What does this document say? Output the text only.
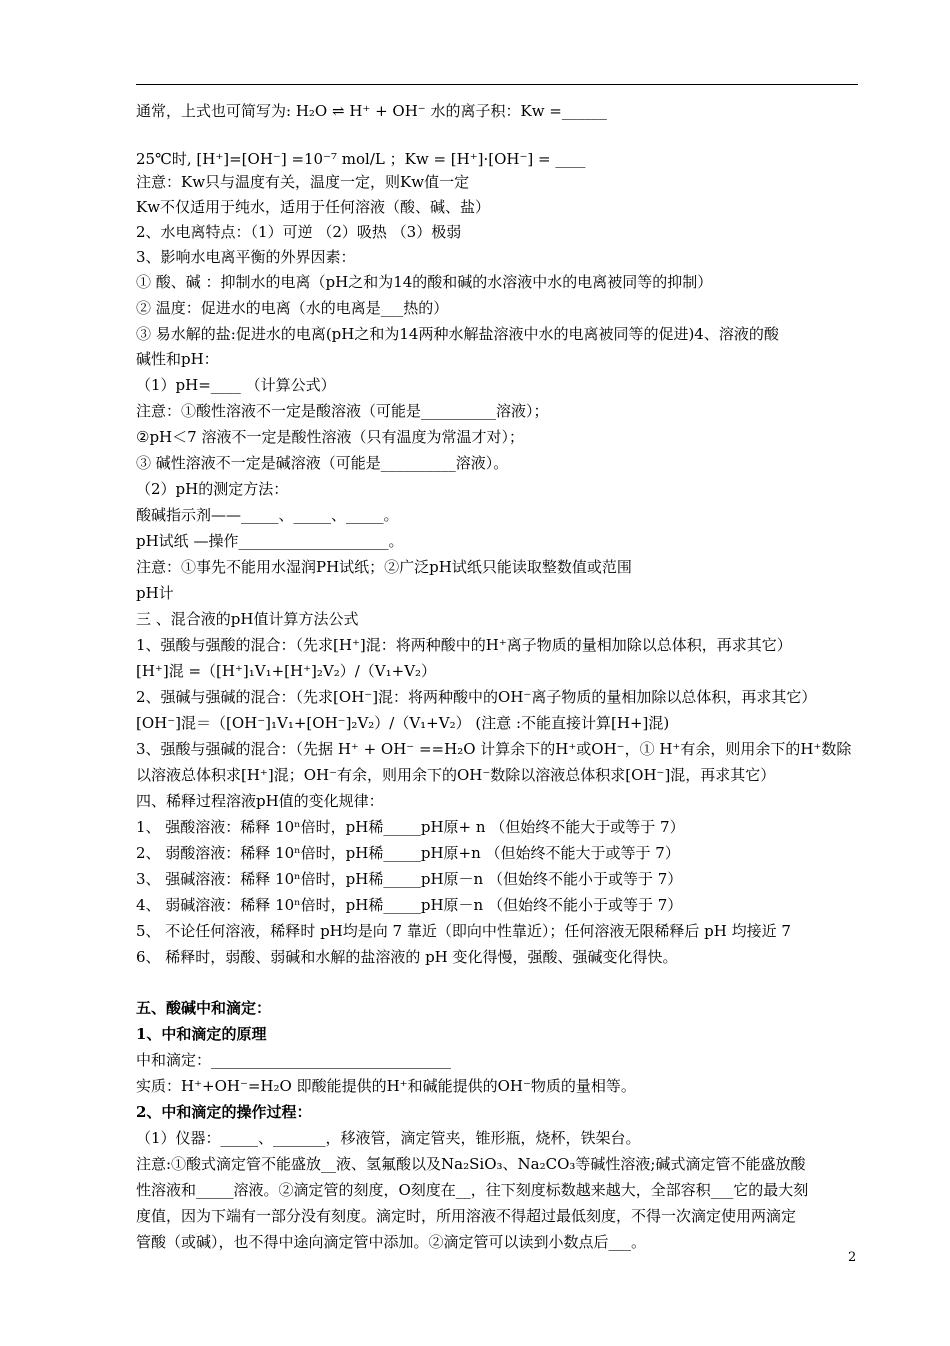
通常，上式也可简写为: H₂O ⇌ H⁺ + OH⁻ 水的离子积：Kw =______
25℃时, [H⁺]=[OH⁻] =10⁻⁷ mol/L ；Kw = [H⁺]·[OH⁻] = ____
注意：Kw只与温度有关，温度一定，则Kw值一定
Kw不仅适用于纯水，适用于任何溶液（酸、碱、盐）
2、水电离特点：（1）可逆 （2）吸热 （3）极弱
3、影响水电离平衡的外界因素：
① 酸、碱 ：抑制水的电离（pH之和为14的酸和碱的水溶液中水的电离被同等的抑制）
② 温度：促进水的电离（水的电离是___热的）
③ 易水解的盐:促进水的电离(pH之和为14两种水解盐溶液中水的电离被同等的促进)4、溶液的酸
碱性和pH：
（1）pH=____ （计算公式）
注意：①酸性溶液不一定是酸溶液（可能是__________溶液）；
②pH＜7 溶液不一定是酸性溶液（只有温度为常温才对）；
③ 碱性溶液不一定是碱溶液（可能是__________溶液）。
（2）pH的测定方法：
酸碱指示剂——_____、_____、_____。
pH试纸 —操作____________________。
注意：①事先不能用水湿润PH试纸；②广泛pH试纸只能读取整数值或范围
pH计
三 、混合液的pH值计算方法公式
1、强酸与强酸的混合：（先求[H⁺]混：将两种酸中的H⁺离子物质的量相加除以总体积，再求其它）
[H⁺]混 =（[H⁺]₁V₁+[H⁺]₂V₂）/（V₁+V₂）
2、强碱与强碱的混合：（先求[OH⁻]混：将两种酸中的OH⁻离子物质的量相加除以总体积，再求其它）
[OH⁻]混＝（[OH⁻]₁V₁+[OH⁻]₂V₂）/（V₁+V₂） (注意 :不能直接计算[H+]混)
3、强酸与强碱的混合：（先据 H⁺ + OH⁻ ==H₂O 计算余下的H⁺或OH⁻，① H⁺有余，则用余下的H⁺数除
以溶液总体积求[H⁺]混；OH⁻有余，则用余下的OH⁻数除以溶液总体积求[OH⁻]混，再求其它）
四、稀释过程溶液pH值的变化规律：
1、 强酸溶液：稀释 10ⁿ倍时，pH稀_____pH原+ n （但始终不能大于或等于 7）
2、 弱酸溶液：稀释 10ⁿ倍时，pH稀_____pH原+n （但始终不能大于或等于 7）
3、 强碱溶液：稀释 10ⁿ倍时，pH稀_____pH原－n （但始终不能小于或等于 7）
4、 弱碱溶液：稀释 10ⁿ倍时，pH稀_____pH原－n （但始终不能小于或等于 7）
5、 不论任何溶液，稀释时 pH均是向 7 靠近（即向中性靠近）；任何溶液无限稀释后 pH 均接近 7
6、 稀释时，弱酸、弱碱和水解的盐溶液的 pH 变化得慢，强酸、强碱变化得快。
五、酸碱中和滴定：
1、中和滴定的原理
中和滴定：________________________________
实质：H⁺+OH⁻=H₂O 即酸能提供的H⁺和碱能提供的OH⁻物质的量相等。
2、中和滴定的操作过程：
（1）仪器：_____、_______，移液管，滴定管夹，锥形瓶，烧杯，铁架台。
注意:①酸式滴定管不能盛放__液、氢氟酸以及Na₂SiO₃、Na₂CO₃等碱性溶液;碱式滴定管不能盛放酸
性溶液和_____溶液。②滴定管的刻度，O刻度在__，往下刻度标数越来越大，全部容积___它的最大刻
度值，因为下端有一部分没有刻度。滴定时，所用溶液不得超过最低刻度，不得一次滴定使用两滴定
管酸（或碱），也不得中途向滴定管中添加。②滴定管可以读到小数点后___。
2
